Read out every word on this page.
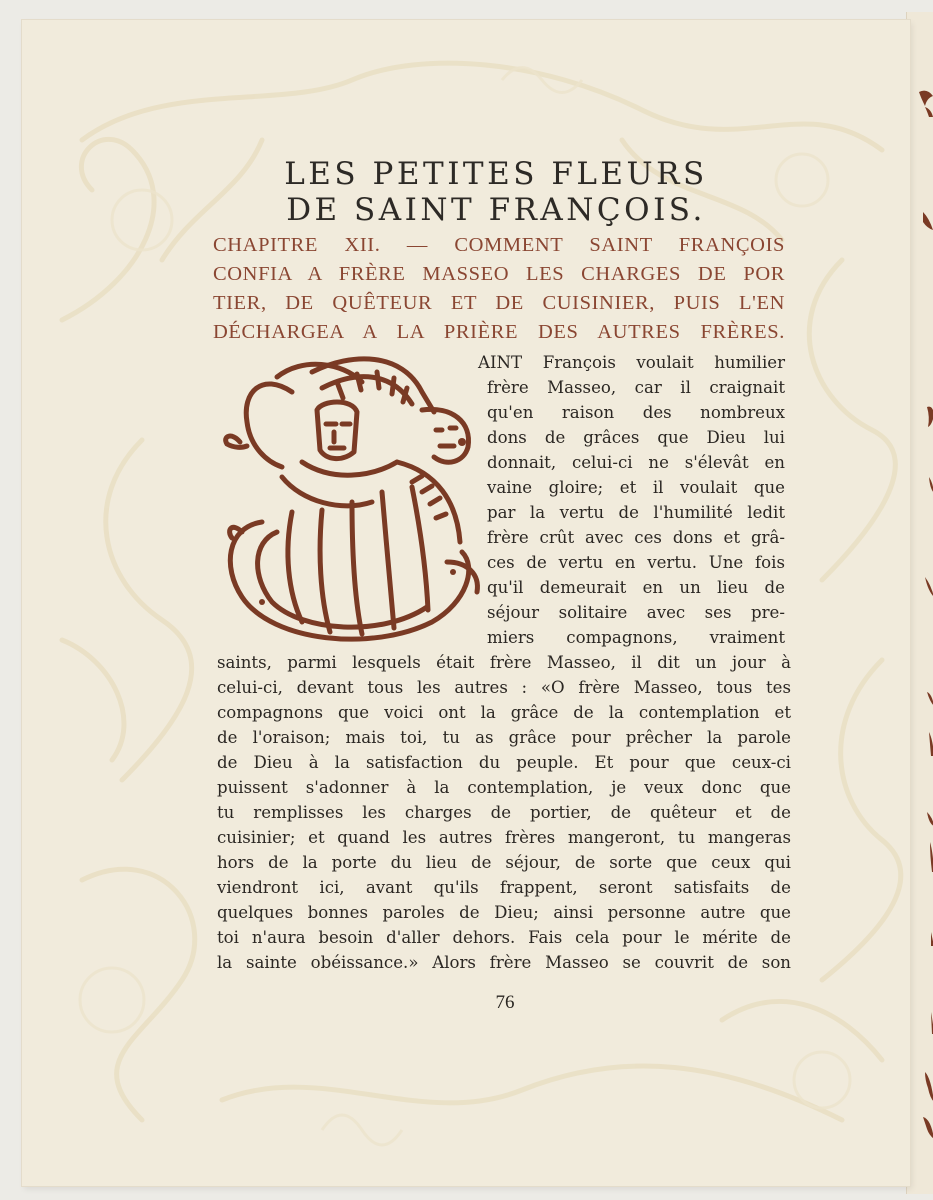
LES PETITES FLEURS
DE SAINT FRANÇOIS.
CHAPITRE XII. — COMMENT SAINT FRANÇOIS
CONFIA A FRÈRE MASSEO LES CHARGES DE POR
TIER, DE QUÊTEUR ET DE CUISINIER, PUIS L'EN
DÉCHARGEA A LA PRIÈRE DES AUTRES FRÈRES.
AINT François voulait humilier
frère Masseo, car il craignait
qu'en raison des nombreux
dons de grâces que Dieu lui
donnait, celui-ci ne s'élevât en
vaine gloire; et il voulait que
par la vertu de l'humilité ledit
frère crût avec ces dons et grâ-
ces de vertu en vertu. Une fois
qu'il demeurait en un lieu de
séjour solitaire avec ses pre-
miers compagnons, vraiment
saints, parmi lesquels était frère Masseo, il dit un jour à
celui-ci, devant tous les autres : «O frère Masseo, tous tes
compagnons que voici ont la grâce de la contemplation et
de l'oraison; mais toi, tu as grâce pour prêcher la parole
de Dieu à la satisfaction du peuple. Et pour que ceux-ci
puissent s'adonner à la contemplation, je veux donc que
tu remplisses les charges de portier, de quêteur et de
cuisinier; et quand les autres frères mangeront, tu mangeras
hors de la porte du lieu de séjour, de sorte que ceux qui
viendront ici, avant qu'ils frappent, seront satisfaits de
quelques bonnes paroles de Dieu; ainsi personne autre que
toi n'aura besoin d'aller dehors. Fais cela pour le mérite de
la sainte obéissance.» Alors frère Masseo se couvrit de son
76
